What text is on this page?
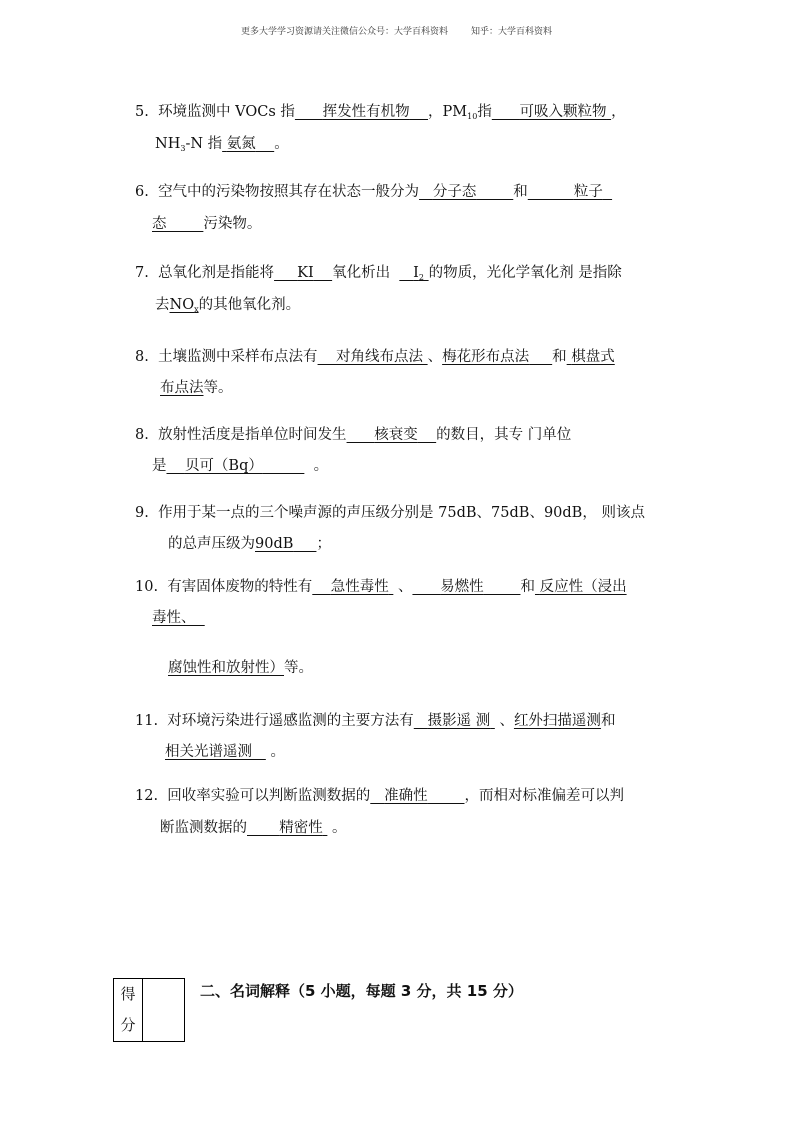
更多大学学习资源请关注微信公众号：大学百科资料	知乎：大学百科资料
5. 环境监测中 VOCs 指 挥发性有机物 ，$PM_{10}$指 可吸入颗粒物 ，
$NH_3-N$ 指 氨氮 。
6. 空气中的污染物按照其存在状态一般分为 分子态	和	粒子
态	污染物。
7. 总氧化剂是指能将 KI 氧化析出 $I_2$ 的物质，光化学氧化剂 是指除
去$NO_x$的其他氧化剂。
8. 土壤监测中采样布点法有 对角线布点法 、梅花形布点法 和 棋盘式
布点法等。
8. 放射性活度是指单位时间发生 核衰变 的数目，其专 门单位
是 贝可（Bq）	。
9. 作用于某一点的三个噪声源的声压级分别是 75dB、75dB、90dB， 则该点
的总声压级为90dB ；
10. 有害固体废物的特性有 急性毒性 、 易燃性	和 反应性（浸出
毒性、
腐蚀性和放射性）等。
11. 对环境污染进行遥感监测的主要方法有 摄影遥 测 、红外扫描遥测和
相关光谱遥测 。
12. 回收率实验可以判断监测数据的 准确性	，而相对标准偏差可以判
断监测数据的 精密性 。
得
分

二、名词解释（5 小题，每题 3 分，共 15 分）
